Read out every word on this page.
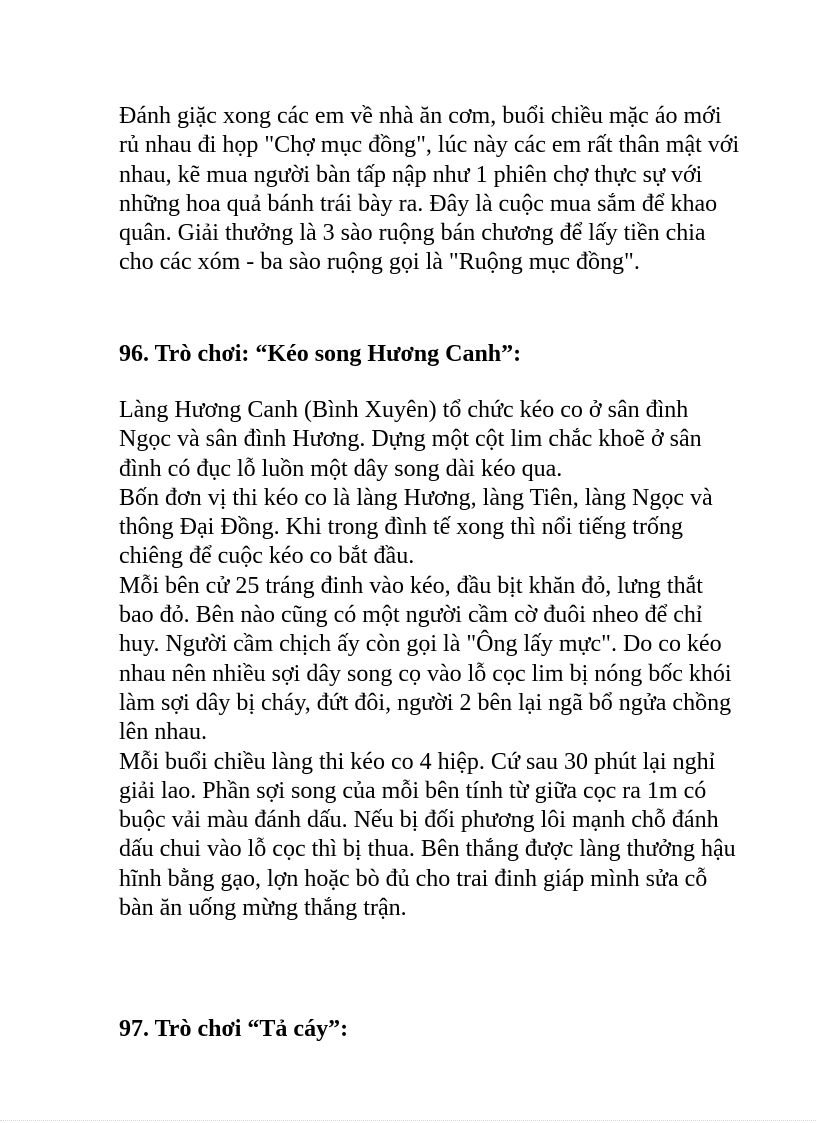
Đánh giặc xong các em về nhà ăn cơm, buổi chiều mặc áo mới
rủ nhau đi họp "Chợ mục đồng", lúc này các em rất thân mật với
nhau, kẽ mua người bàn tấp nập như 1 phiên chợ thực sự với
những hoa quả bánh trái bày ra. Đây là cuộc mua sắm để khao
quân. Giải thưởng là 3 sào ruộng bán chương để lấy tiền chia
cho các xóm - ba sào ruộng gọi là "Ruộng mục đồng".
96. Trò chơi: “Kéo song Hương Canh”:
Làng Hương Canh (Bình Xuyên) tổ chức kéo co ở sân đình
Ngọc và sân đình Hương. Dựng một cột lim chắc khoẽ ở sân
đình có đục lỗ luồn một dây song dài kéo qua.
Bốn đơn vị thi kéo co là làng Hương, làng Tiên, làng Ngọc và
thông Đại Đồng. Khi trong đình tế xong thì nổi tiếng trống
chiêng để cuộc kéo co bắt đầu.
Mỗi bên cử 25 tráng đinh vào kéo, đầu bịt khăn đỏ, lưng thắt
bao đỏ. Bên nào cũng có một người cầm cờ đuôi nheo để chỉ
huy. Người cầm chịch ấy còn gọi là "Ông lấy mực". Do co kéo
nhau nên nhiều sợi dây song cọ vào lỗ cọc lim bị nóng bốc khói
làm sợi dây bị cháy, đứt đôi, người 2 bên lại ngã bổ ngửa chồng
lên nhau.
Mỗi buổi chiều làng thi kéo co 4 hiệp. Cứ sau 30 phút lại nghỉ
giải lao. Phần sợi song của mỗi bên tính từ giữa cọc ra 1m có
buộc vải màu đánh dấu. Nếu bị đối phương lôi mạnh chỗ đánh
dấu chui vào lỗ cọc thì bị thua. Bên thắng được làng thưởng hậu
hĩnh bằng gạo, lợn hoặc bò đủ cho trai đinh giáp mình sửa cỗ
bàn ăn uống mừng thắng trận.
97. Trò chơi “Tả cáy”:
